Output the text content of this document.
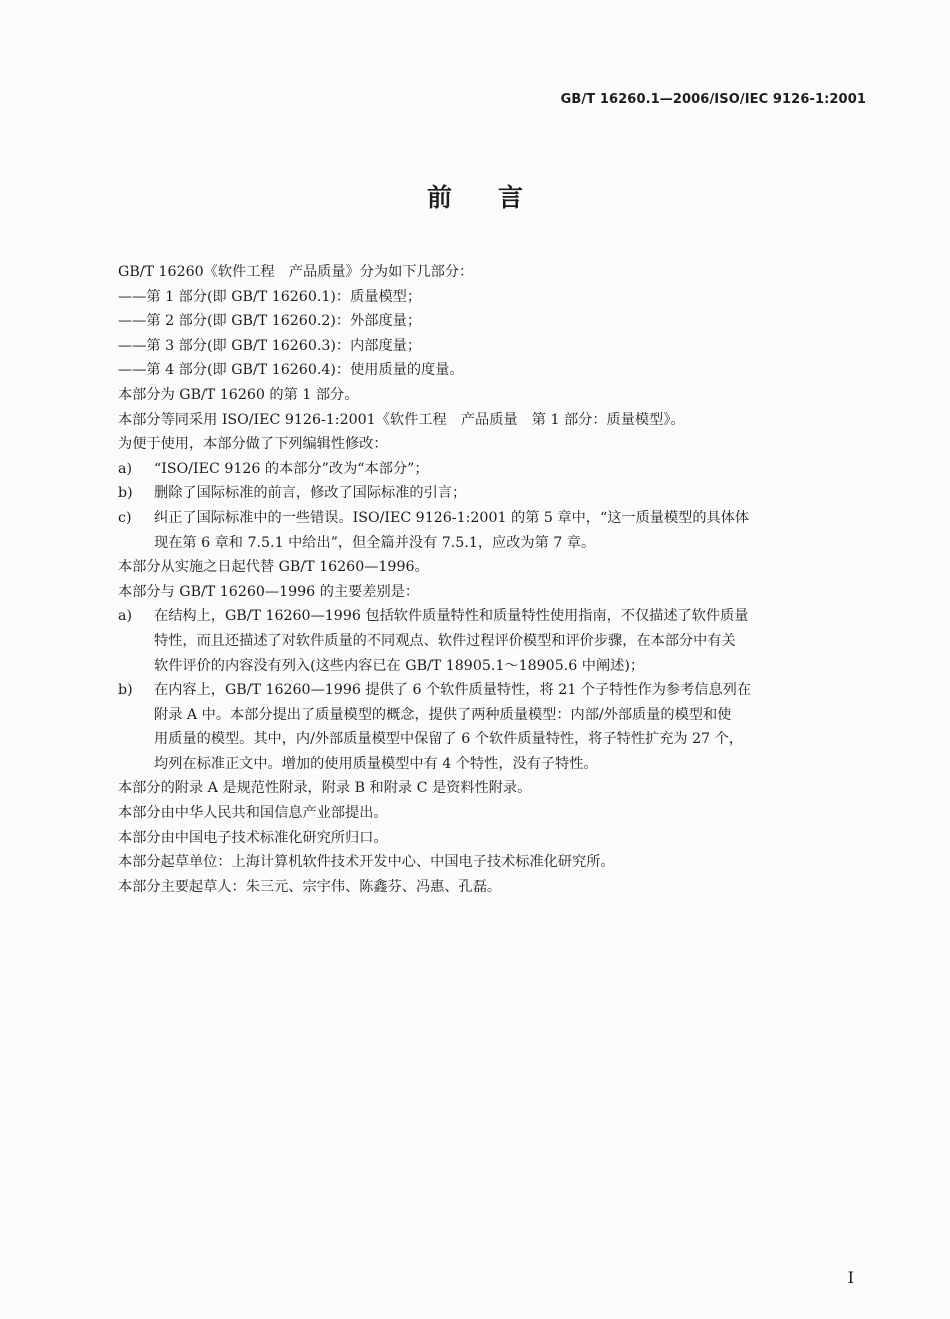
GB/T 16260.1—2006/ISO/IEC 9126-1:2001
前言
GB/T 16260《软件工程　产品质量》分为如下几部分：
——第 1 部分(即 GB/T 16260.1)：质量模型；
——第 2 部分(即 GB/T 16260.2)：外部度量；
——第 3 部分(即 GB/T 16260.3)：内部度量；
——第 4 部分(即 GB/T 16260.4)：使用质量的度量。
本部分为 GB/T 16260 的第 1 部分。
本部分等同采用 ISO/IEC 9126-1:2001《软件工程　产品质量　第 1 部分：质量模型》。
为便于使用，本部分做了下列编辑性修改：
a)	“ISO/IEC 9126 的本部分”改为“本部分”；
b)	删除了国际标准的前言，修改了国际标准的引言；
c)	纠正了国际标准中的一些错误。ISO/IEC 9126-1:2001 的第 5 章中，“这一质量模型的具体体
现在第 6 章和 7.5.1 中给出”，但全篇并没有 7.5.1，应改为第 7 章。
本部分从实施之日起代替 GB/T 16260—1996。
本部分与 GB/T 16260—1996 的主要差别是：
a)	在结构上，GB/T 16260—1996 包括软件质量特性和质量特性使用指南，不仅描述了软件质量
特性，而且还描述了对软件质量的不同观点、软件过程评价模型和评价步骤，在本部分中有关
软件评价的内容没有列入(这些内容已在 GB/T 18905.1～18905.6 中阐述)；
b)	在内容上，GB/T 16260—1996 提供了 6 个软件质量特性，将 21 个子特性作为参考信息列在
附录 A 中。本部分提出了质量模型的概念，提供了两种质量模型：内部/外部质量的模型和使
用质量的模型。其中，内/外部质量模型中保留了 6 个软件质量特性，将子特性扩充为 27 个，
均列在标准正文中。增加的使用质量模型中有 4 个特性，没有子特性。
本部分的附录 A 是规范性附录，附录 B 和附录 C 是资料性附录。
本部分由中华人民共和国信息产业部提出。
本部分由中国电子技术标准化研究所归口。
本部分起草单位：上海计算机软件技术开发中心、中国电子技术标准化研究所。
本部分主要起草人：朱三元、宗宇伟、陈鑫芬、冯惠、孔磊。
I
